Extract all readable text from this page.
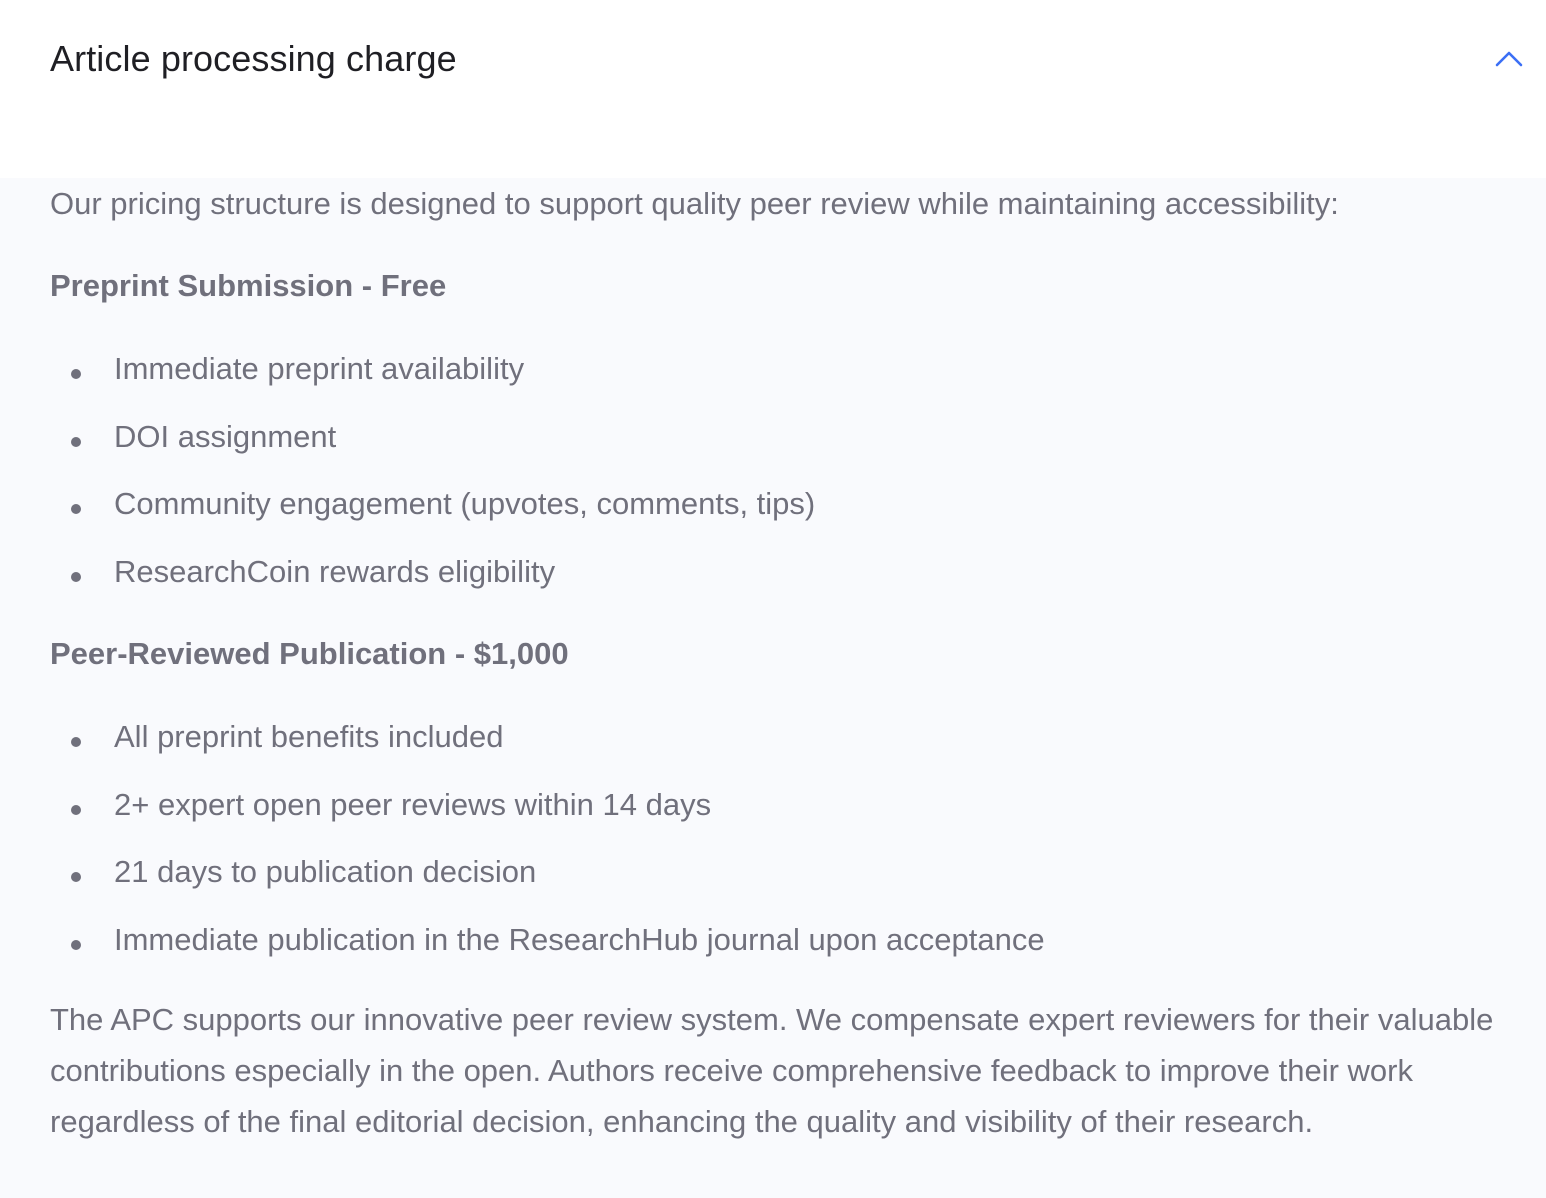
Article processing charge
Our pricing structure is designed to support quality peer review while maintaining accessibility:
Preprint Submission - Free
Immediate preprint availability
DOI assignment
Community engagement (upvotes, comments, tips)
ResearchCoin rewards eligibility
Peer-Reviewed Publication - $1,000
All preprint benefits included
2+ expert open peer reviews within 14 days
21 days to publication decision
Immediate publication in the ResearchHub journal upon acceptance
The APC supports our innovative peer review system. We compensate expert reviewers for their valuable contributions especially in the open. Authors receive comprehensive feedback to improve their work regardless of the final editorial decision, enhancing the quality and visibility of their research.
